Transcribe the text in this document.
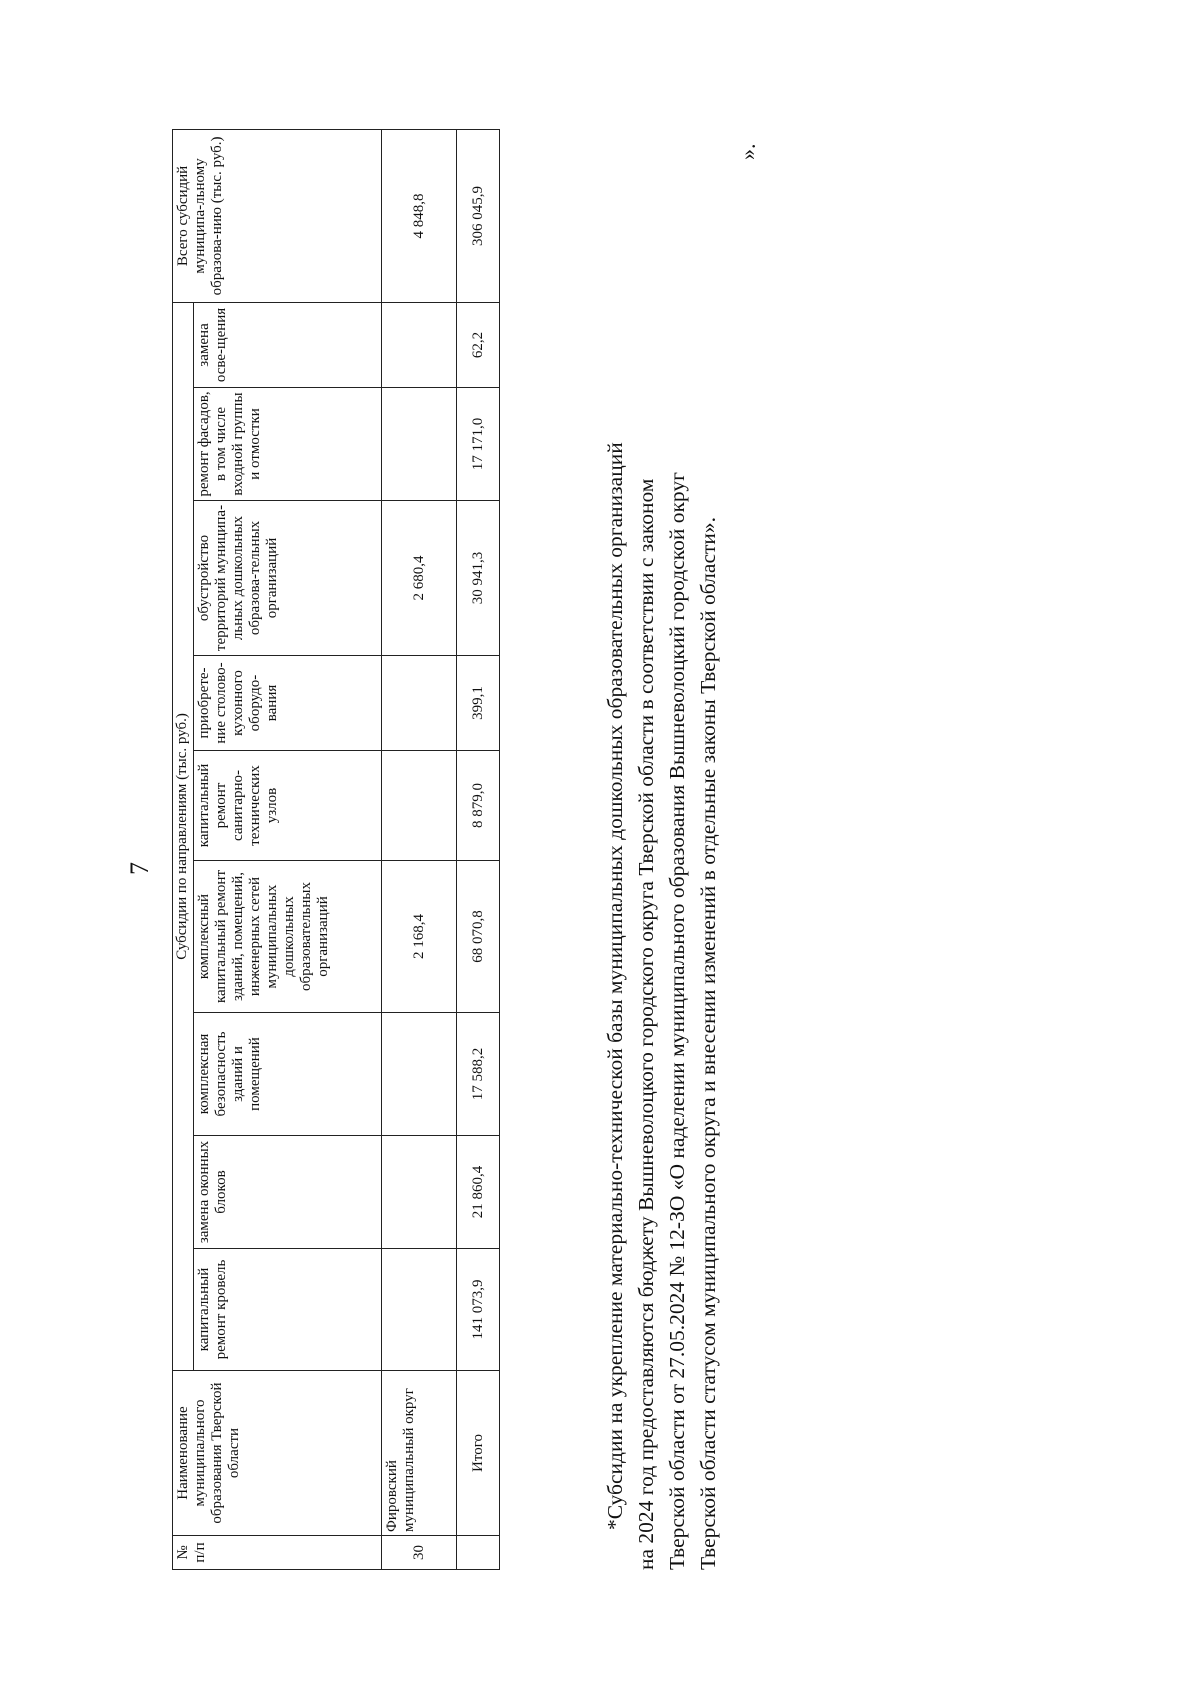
7
№ п/п	Наименование муниципального образования Тверской области	Субсидии по направлениям (тыс. руб.)									Всего субсидий муниципа-льному образова-нию (тыс. руб.)
		капитальный ремонт кровель	замена оконных блоков	комплексная безопасность зданий и помещений	комплексный капитальный ремонт зданий, помещений, инженерных сетей муниципальных дошкольных образовательных организаций	капитальный ремонт санитарно-технических узлов	приобрете-ние столово-кухонного оборудо-вания	обустройство территорий муниципа-льных дошкольных образова-тельных организаций	ремонт фасадов, в том числе входной группы и отмостки	замена осве-щения	
30	Фировский муниципальный округ				2 168,4			2 680,4			4 848,8
	Итого	141 073,9	21 860,4	17 588,2	68 070,8	8 879,0	399,1	30 941,3	17 171,0	62,2	306 045,9

*Субсидии на укрепление материально-технической базы муниципальных дошкольных образовательных организаций на 2024 год предоставляются бюджету Вышневолоцкого городского округа Тверской области в соответствии с законом Тверской области от 27.05.2024 № 12-ЗО «О наделении муниципального образования Вышневолоцкий городской округ Тверской области статусом муниципального округа и внесении изменений в отдельные законы Тверской области».

».
